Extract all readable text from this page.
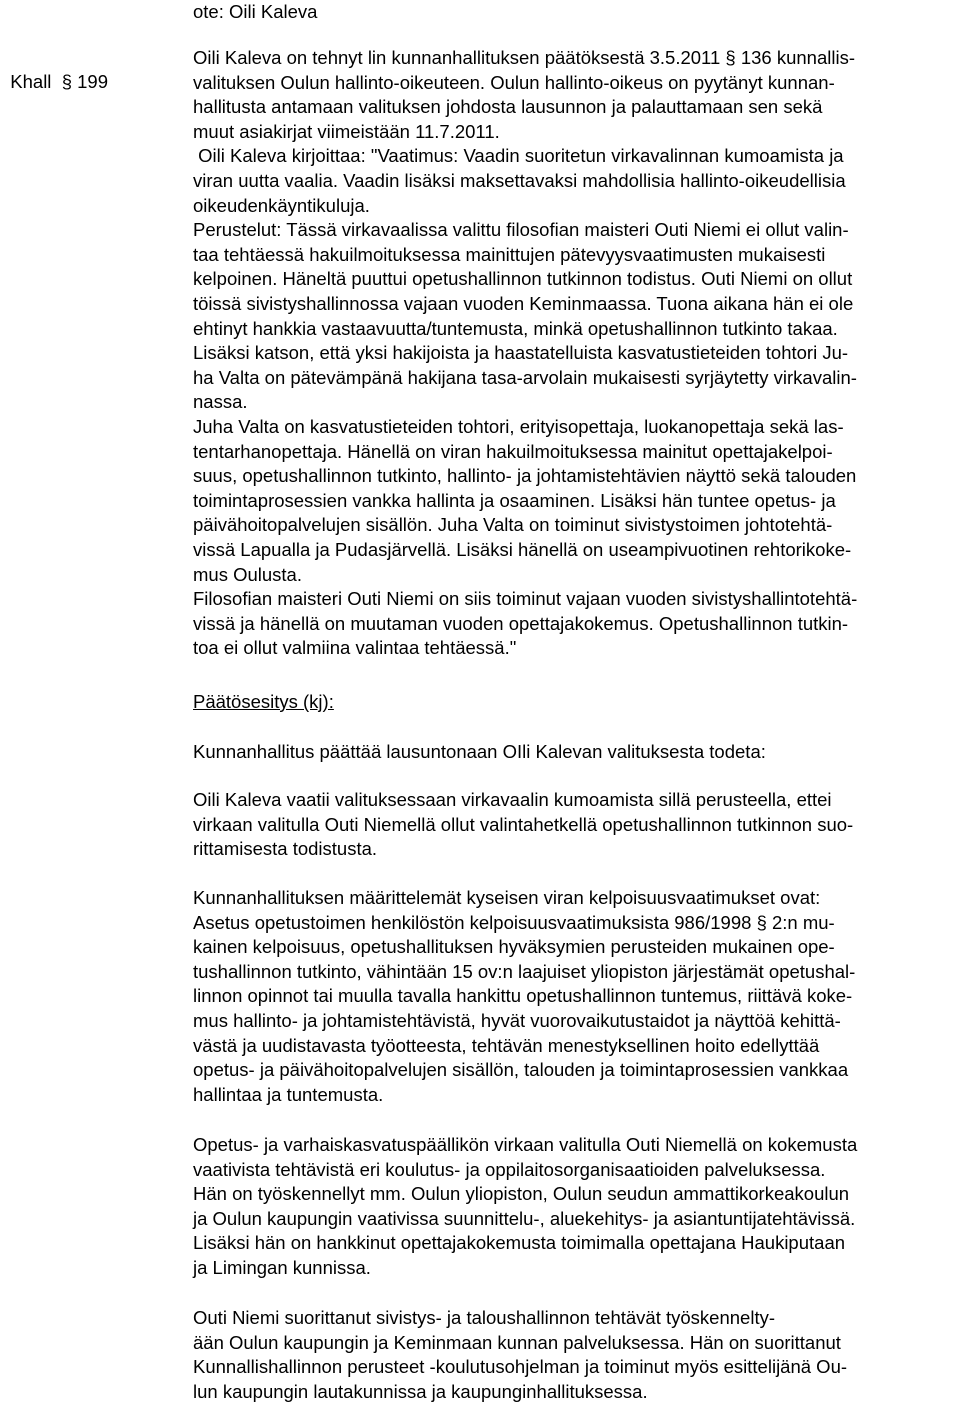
ote: Oili Kaleva

Khall  § 199

Oili Kaleva on tehnyt lin kunnanhallituksen päätöksestä 3.5.2011 § 136 kunnallis-
valituksen Oulun hallinto-oikeuteen. Oulun hallinto-oikeus on pyytänyt kunnan-
hallitusta antamaan valituksen johdosta lausunnon ja palauttamaan sen sekä
muut asiakirjat viimeistään 11.7.2011.
Oili Kaleva kirjoittaa: "Vaatimus: Vaadin suoritetun virkavalinnan kumoamista ja
viran uutta vaalia. Vaadin lisäksi maksettavaksi mahdollisia hallinto-oikeudellisia
oikeudenkäyntikuluja.
Perustelut: Tässä virkavaalissa valittu filosofian maisteri Outi Niemi ei ollut valin-
taa tehtäessä hakuilmoituksessa mainittujen pätevyysvaatimusten mukaisesti
kelpoinen. Häneltä puuttui opetushallinnon tutkinnon todistus. Outi Niemi on ollut
töissä sivistyshallinnossa vajaan vuoden Keminmaassa. Tuona aikana hän ei ole
ehtinyt hankkia vastaavuutta/tuntemusta, minkä opetushallinnon tutkinto takaa.
Lisäksi katson, että yksi hakijoista ja haastatelluista kasvatustieteiden tohtori Ju-
ha Valta on pätevämpänä hakijana tasa-arvolain mukaisesti syrjäytetty virkavalin-
nassa.
Juha Valta on kasvatustieteiden tohtori, erityisopettaja, luokanopettaja sekä las-
tentarhanopettaja. Hänellä on viran hakuilmoituksessa mainitut opettajakelpoi-
suus, opetushallinnon tutkinto, hallinto- ja johtamistehtävien näyttö sekä talouden
toimintaprosessien vankka hallinta ja osaaminen. Lisäksi hän tuntee opetus- ja
päivähoitopalvelujen sisällön. Juha Valta on toiminut sivistystoimen johtotehtä-
vissä Lapualla ja Pudasjärvellä. Lisäksi hänellä on useampivuotinen rehtorikoke-
mus Oulusta.
Filosofian maisteri Outi Niemi on siis toiminut vajaan vuoden sivistyshallintotehtä-
vissä ja hänellä on muutaman vuoden opettajakokemus. Opetushallinnon tutkin-
toa ei ollut valmiina valintaa tehtäessä."
Päätösesitys (kj):
Kunnanhallitus päättää lausuntonaan OIli Kalevan valituksesta todeta:
Oili Kaleva vaatii valituksessaan virkavaalin kumoamista sillä perusteella, ettei
virkaan valitulla Outi Niemellä ollut valintahetkellä opetushallinnon tutkinnon suo-
rittamisesta todistusta.
Kunnanhallituksen määrittelemät kyseisen viran kelpoisuusvaatimukset ovat:
Asetus opetustoimen henkilöstön kelpoisuusvaatimuksista 986/1998 § 2:n mu-
kainen kelpoisuus, opetushallituksen hyväksymien perusteiden mukainen ope-
tushallinnon tutkinto, vähintään 15 ov:n laajuiset yliopiston järjestämät opetushal-
linnon opinnot tai muulla tavalla hankittu opetushallinnon tuntemus, riittävä koke-
mus hallinto- ja johtamistehtävistä, hyvät vuorovaikutustaidot ja näyttöä kehittä-
västä ja uudistavasta työotteesta, tehtävän menestyksellinen hoito edellyttää
opetus- ja päivähoitopalvelujen sisällön, talouden ja toimintaprosessien vankkaa
hallintaa ja tuntemusta.
Opetus- ja varhaiskasvatuspäällikön virkaan valitulla Outi Niemellä on kokemusta
vaativista tehtävistä eri koulutus- ja oppilaitosorganisaatioiden palveluksessa.
Hän on työskennellyt mm. Oulun yliopiston, Oulun seudun ammattikorkeakoulun
ja Oulun kaupungin vaativissa suunnittelu-, aluekehitys- ja asiantuntijatehtävissä.
Lisäksi hän on hankkinut opettajakokemusta toimimalla opettajana Haukiputaan
ja Limingan kunnissa.
Outi Niemi suorittanut sivistys- ja taloushallinnon tehtävät työskennelty-
ään Oulun kaupungin ja Keminmaan kunnan palveluksessa. Hän on suorittanut
Kunnallishallinnon perusteet -koulutusohjelman ja toiminut myös esittelijänä Ou-
lun kaupungin lautakunnissa ja kaupunginhallituksessa.
